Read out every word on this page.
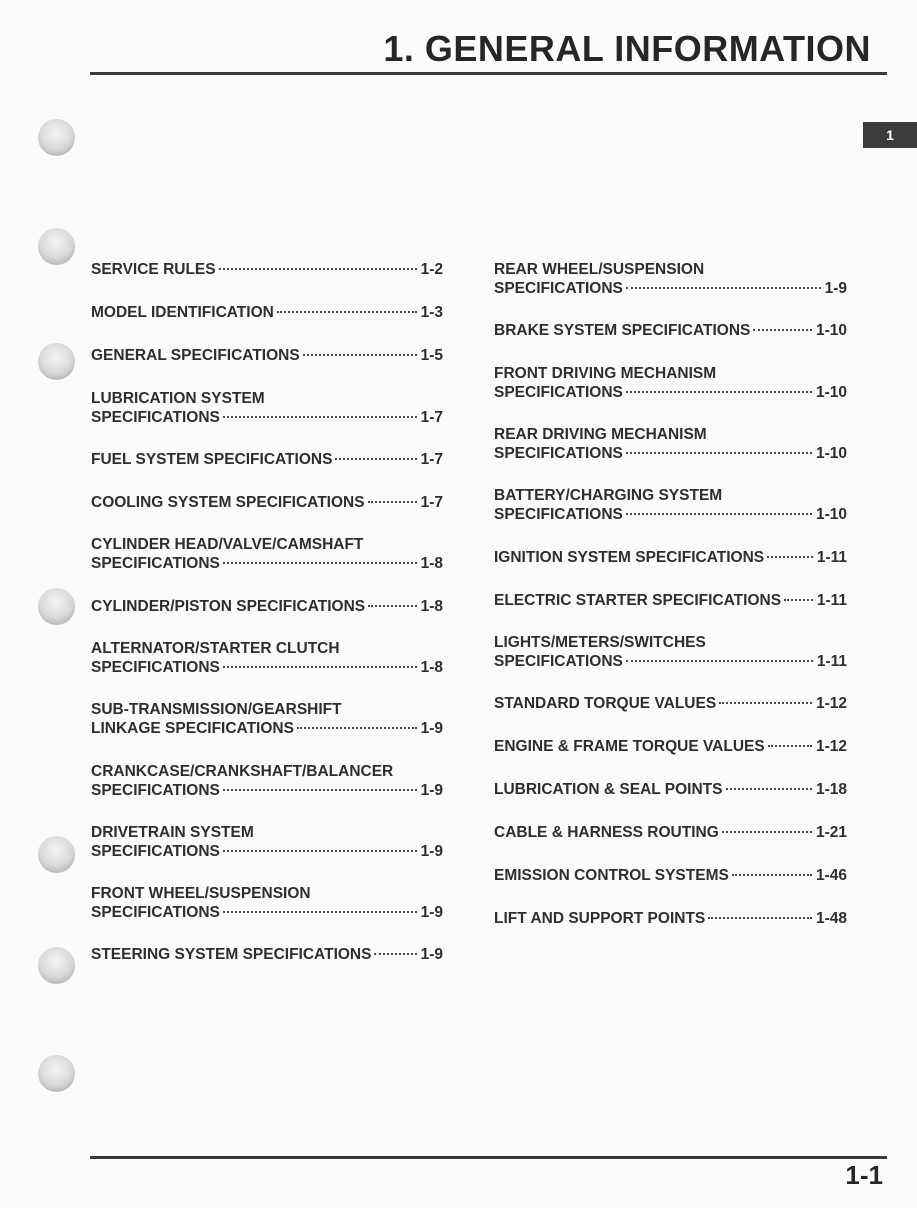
1. GENERAL INFORMATION
1
SERVICE RULES	1-2
MODEL IDENTIFICATION	1-3
GENERAL SPECIFICATIONS	1-5
LUBRICATION SYSTEM
SPECIFICATIONS	1-7
FUEL SYSTEM SPECIFICATIONS	1-7
COOLING SYSTEM SPECIFICATIONS	1-7
CYLINDER HEAD/VALVE/CAMSHAFT
SPECIFICATIONS	1-8
CYLINDER/PISTON SPECIFICATIONS	1-8
ALTERNATOR/STARTER CLUTCH
SPECIFICATIONS	1-8
SUB-TRANSMISSION/GEARSHIFT
LINKAGE SPECIFICATIONS	1-9
CRANKCASE/CRANKSHAFT/BALANCER
SPECIFICATIONS	1-9
DRIVETRAIN SYSTEM
SPECIFICATIONS	1-9
FRONT WHEEL/SUSPENSION
SPECIFICATIONS	1-9
STEERING SYSTEM SPECIFICATIONS	1-9
REAR WHEEL/SUSPENSION
SPECIFICATIONS	1-9
BRAKE SYSTEM SPECIFICATIONS	1-10
FRONT DRIVING MECHANISM
SPECIFICATIONS	1-10
REAR DRIVING MECHANISM
SPECIFICATIONS	1-10
BATTERY/CHARGING SYSTEM
SPECIFICATIONS	1-10
IGNITION SYSTEM SPECIFICATIONS	1-11
ELECTRIC STARTER SPECIFICATIONS 1-11
LIGHTS/METERS/SWITCHES
SPECIFICATIONS	1-11
STANDARD TORQUE VALUES	1-12
ENGINE & FRAME TORQUE VALUES	1-12
LUBRICATION & SEAL POINTS	1-18
CABLE & HARNESS ROUTING	1-21
EMISSION CONTROL SYSTEMS	1-46
LIFT AND SUPPORT POINTS	1-48
1-1
